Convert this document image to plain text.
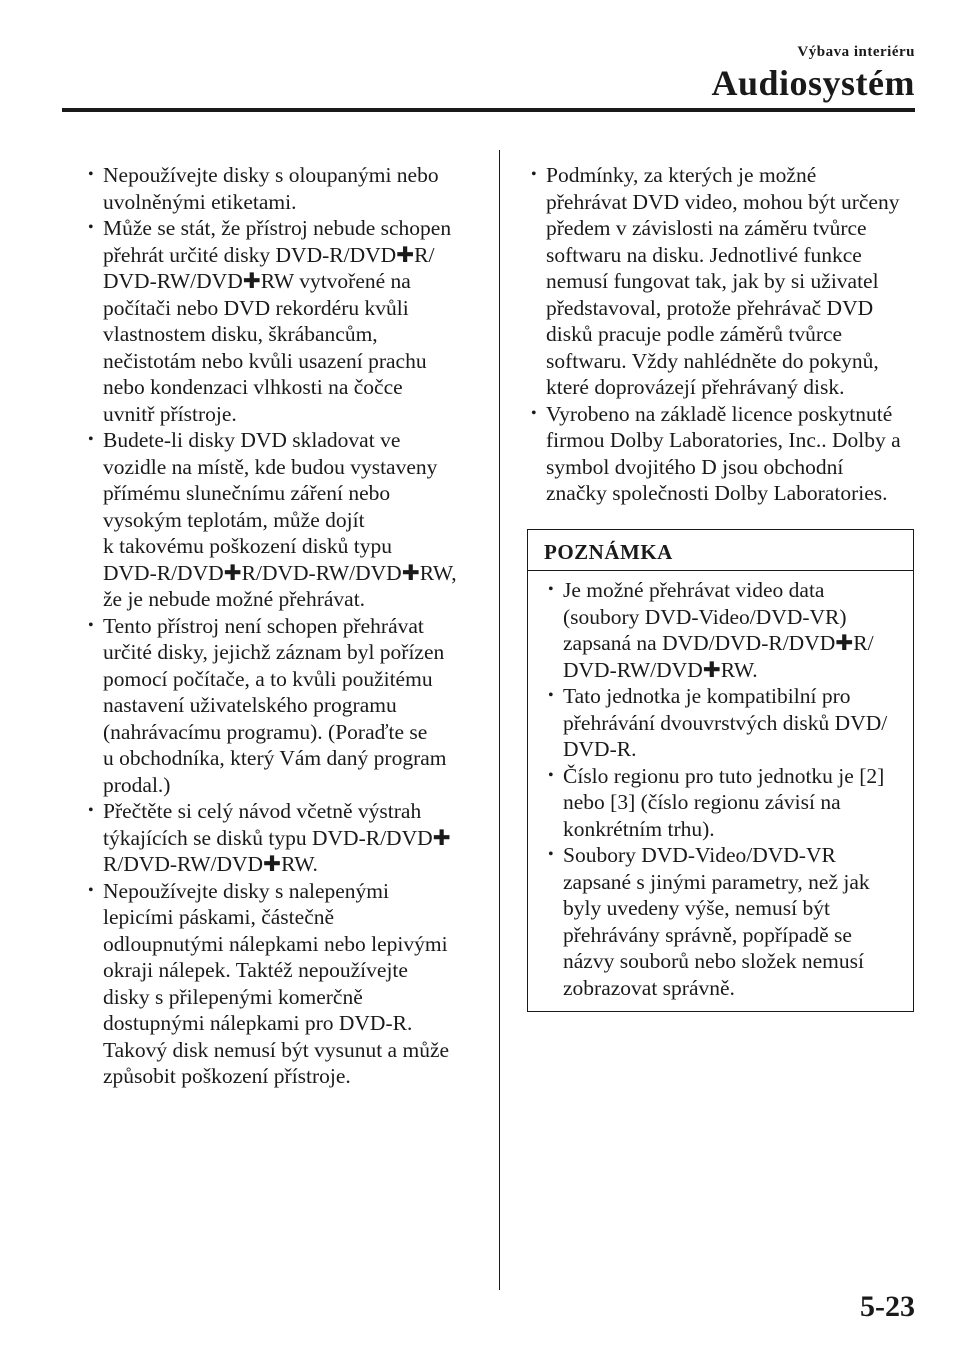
Výbava interiéru
Audiosystém
• Nepoužívejte disky s oloupanými nebo
uvolněnými etiketami.
• Může se stát, že přístroj nebude schopen
přehrát určité disky DVD-R/DVD✚R/
DVD-RW/DVD✚RW vytvořené na
počítači nebo DVD rekordéru kvůli
vlastnostem disku, škrábancům,
nečistotám nebo kvůli usazení prachu
nebo kondenzaci vlhkosti na čočce
uvnitř přístroje.
• Budete-li disky DVD skladovat ve
vozidle na místě, kde budou vystaveny
přímému slunečnímu záření nebo
vysokým teplotám, může dojít
k takovému poškození disků typu
DVD-R/DVD✚R/DVD-RW/DVD✚RW,
že je nebude možné přehrávat.
• Tento přístroj není schopen přehrávat
určité disky, jejichž záznam byl pořízen
pomocí počítače, a to kvůli použitému
nastavení uživatelského programu
(nahrávacímu programu). (Poraďte se
u obchodníka, který Vám daný program
prodal.)
• Přečtěte si celý návod včetně výstrah
týkajících se disků typu DVD-R/DVD✚
R/DVD-RW/DVD✚RW.
• Nepoužívejte disky s nalepenými
lepicími páskami, částečně
odloupnutými nálepkami nebo lepivými
okraji nálepek. Taktéž nepoužívejte
disky s přilepenými komerčně
dostupnými nálepkami pro DVD-R.
Takový disk nemusí být vysunut a může
způsobit poškození přístroje.
• Podmínky, za kterých je možné
přehrávat DVD video, mohou být určeny
předem v závislosti na záměru tvůrce
softwaru na disku. Jednotlivé funkce
nemusí fungovat tak, jak by si uživatel
představoval, protože přehrávač DVD
disků pracuje podle záměrů tvůrce
softwaru. Vždy nahlédněte do pokynů,
které doprovázejí přehrávaný disk.
• Vyrobeno na základě licence poskytnuté
firmou Dolby Laboratories, Inc.. Dolby a
symbol dvojitého D jsou obchodní
značky společnosti Dolby Laboratories.
POZNÁMKA
• Je možné přehrávat video data
(soubory DVD-Video/DVD-VR)
zapsaná na DVD/DVD-R/DVD✚R/
DVD-RW/DVD✚RW.
• Tato jednotka je kompatibilní pro
přehrávání dvouvrstvých disků DVD/
DVD-R.
• Číslo regionu pro tuto jednotku je [2]
nebo [3] (číslo regionu závisí na
konkrétním trhu).
• Soubory DVD-Video/DVD-VR
zapsané s jinými parametry, než jak
byly uvedeny výše, nemusí být
přehrávány správně, popřípadě se
názvy souborů nebo složek nemusí
zobrazovat správně.
5-23
